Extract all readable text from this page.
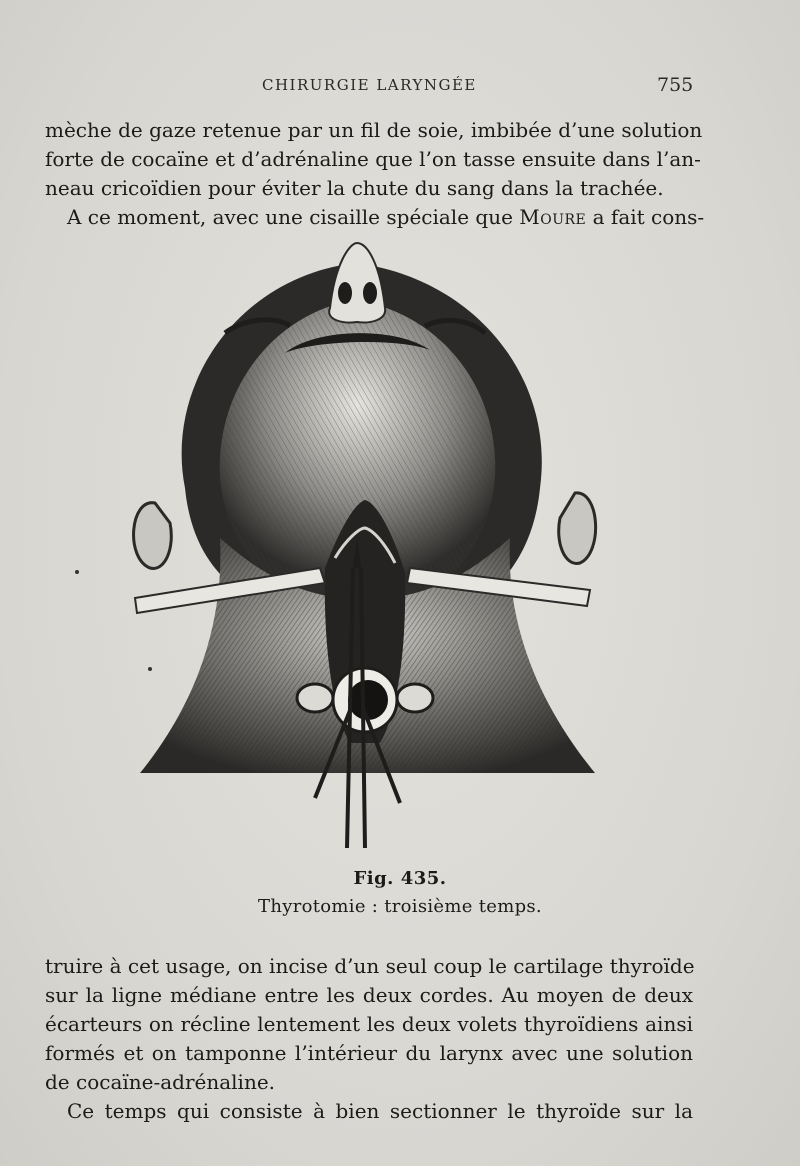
CHIRURGIE LARYNGÉE	755
mèche de gaze retenue par un fil de soie, imbibée d’une solution
forte de cocaïne et d’adrénaline que l’on tasse ensuite dans l’an-
neau cricoïdien pour éviter la chute du sang dans la trachée.
A ce moment, avec une cisaille spéciale que Moure a fait cons-
Fig. 435.
Thyrotomie : troisième temps.
truire à cet usage, on incise d’un seul coup le cartilage thyroïde
sur la ligne médiane entre les deux cordes. Au moyen de deux
écarteurs on récline lentement les deux volets thyroïdiens ainsi
formés et on tamponne l’intérieur du larynx avec une solution
de cocaïne-adrénaline.
Ce temps qui consiste à bien sectionner le thyroïde sur la
